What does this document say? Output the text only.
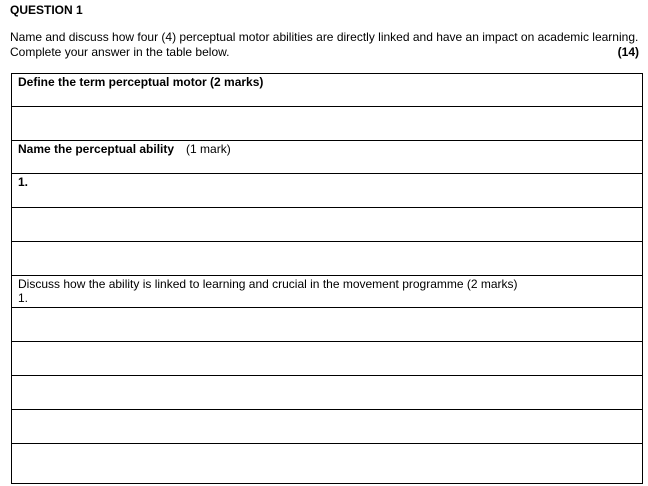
QUESTION 1

Name and discuss how four (4) perceptual motor abilities are directly linked and have an impact on academic learning. Complete your answer in the table below.	(14)

Define the term perceptual motor (2 marks)

Name the perceptual ability (1 mark)
1.

Discuss how the ability is linked to learning and crucial in the movement programme (2 marks)
1.
